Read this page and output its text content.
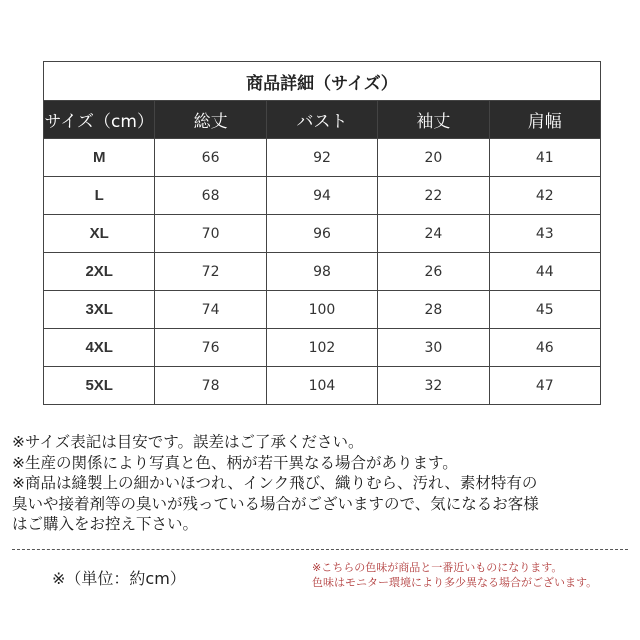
商品詳細（サイズ）				
サイズ（cm）	総丈	バスト	袖丈	肩幅
M	66	92	20	41
L	68	94	22	42
XL	70	96	24	43
2XL	72	98	26	44
3XL	74	100	28	45
4XL	76	102	30	46
5XL	78	104	32	47

※サイズ表記は目安です。誤差はご了承ください。

※生産の関係により写真と色、柄が若干異なる場合があります。

※商品は縫製上の細かいほつれ、インク飛び、織りむら、汚れ、素材特有の

臭いや接着剤等の臭いが残っている場合がございますので、気になるお客様

はご購入をお控え下さい。

※（単位：約cm）

※こちらの色味が商品と一番近いものになります。

色味はモニター環境により多少異なる場合がございます。
